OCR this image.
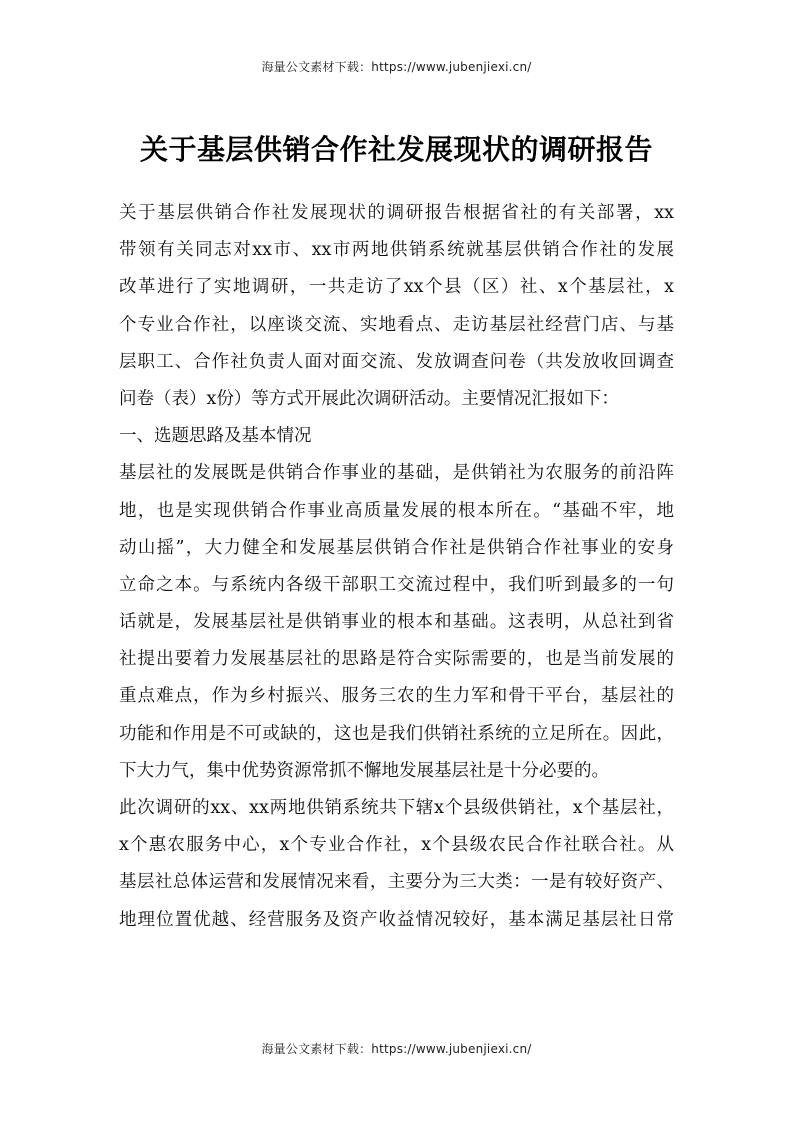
海量公文素材下载：https://www.jubenjiexi.cn/
关于基层供销合作社发展现状的调研报告
关于基层供销合作社发展现状的调研报告根据省社的有关部署，xx
带领有关同志对xx市、xx市两地供销系统就基层供销合作社的发展
改革进行了实地调研，一共走访了xx个县（区）社、x个基层社，x
个专业合作社，以座谈交流、实地看点、走访基层社经营门店、与基
层职工、合作社负责人面对面交流、发放调查问卷（共发放收回调查
问卷（表）x份）等方式开展此次调研活动。主要情况汇报如下：
一、选题思路及基本情况
基层社的发展既是供销合作事业的基础，是供销社为农服务的前沿阵
地，也是实现供销合作事业高质量发展的根本所在。“基础不牢，地
动山摇”，大力健全和发展基层供销合作社是供销合作社事业的安身
立命之本。与系统内各级干部职工交流过程中，我们听到最多的一句
话就是，发展基层社是供销事业的根本和基础。这表明，从总社到省
社提出要着力发展基层社的思路是符合实际需要的，也是当前发展的
重点难点，作为乡村振兴、服务三农的生力军和骨干平台，基层社的
功能和作用是不可或缺的，这也是我们供销社系统的立足所在。因此，
下大力气，集中优势资源常抓不懈地发展基层社是十分必要的。
此次调研的xx、xx两地供销系统共下辖x个县级供销社，x个基层社，
x个惠农服务中心，x个专业合作社，x个县级农民合作社联合社。从
基层社总体运营和发展情况来看，主要分为三大类：一是有较好资产、
地理位置优越、经营服务及资产收益情况较好，基本满足基层社日常
海量公文素材下载：https://www.jubenjiexi.cn/
